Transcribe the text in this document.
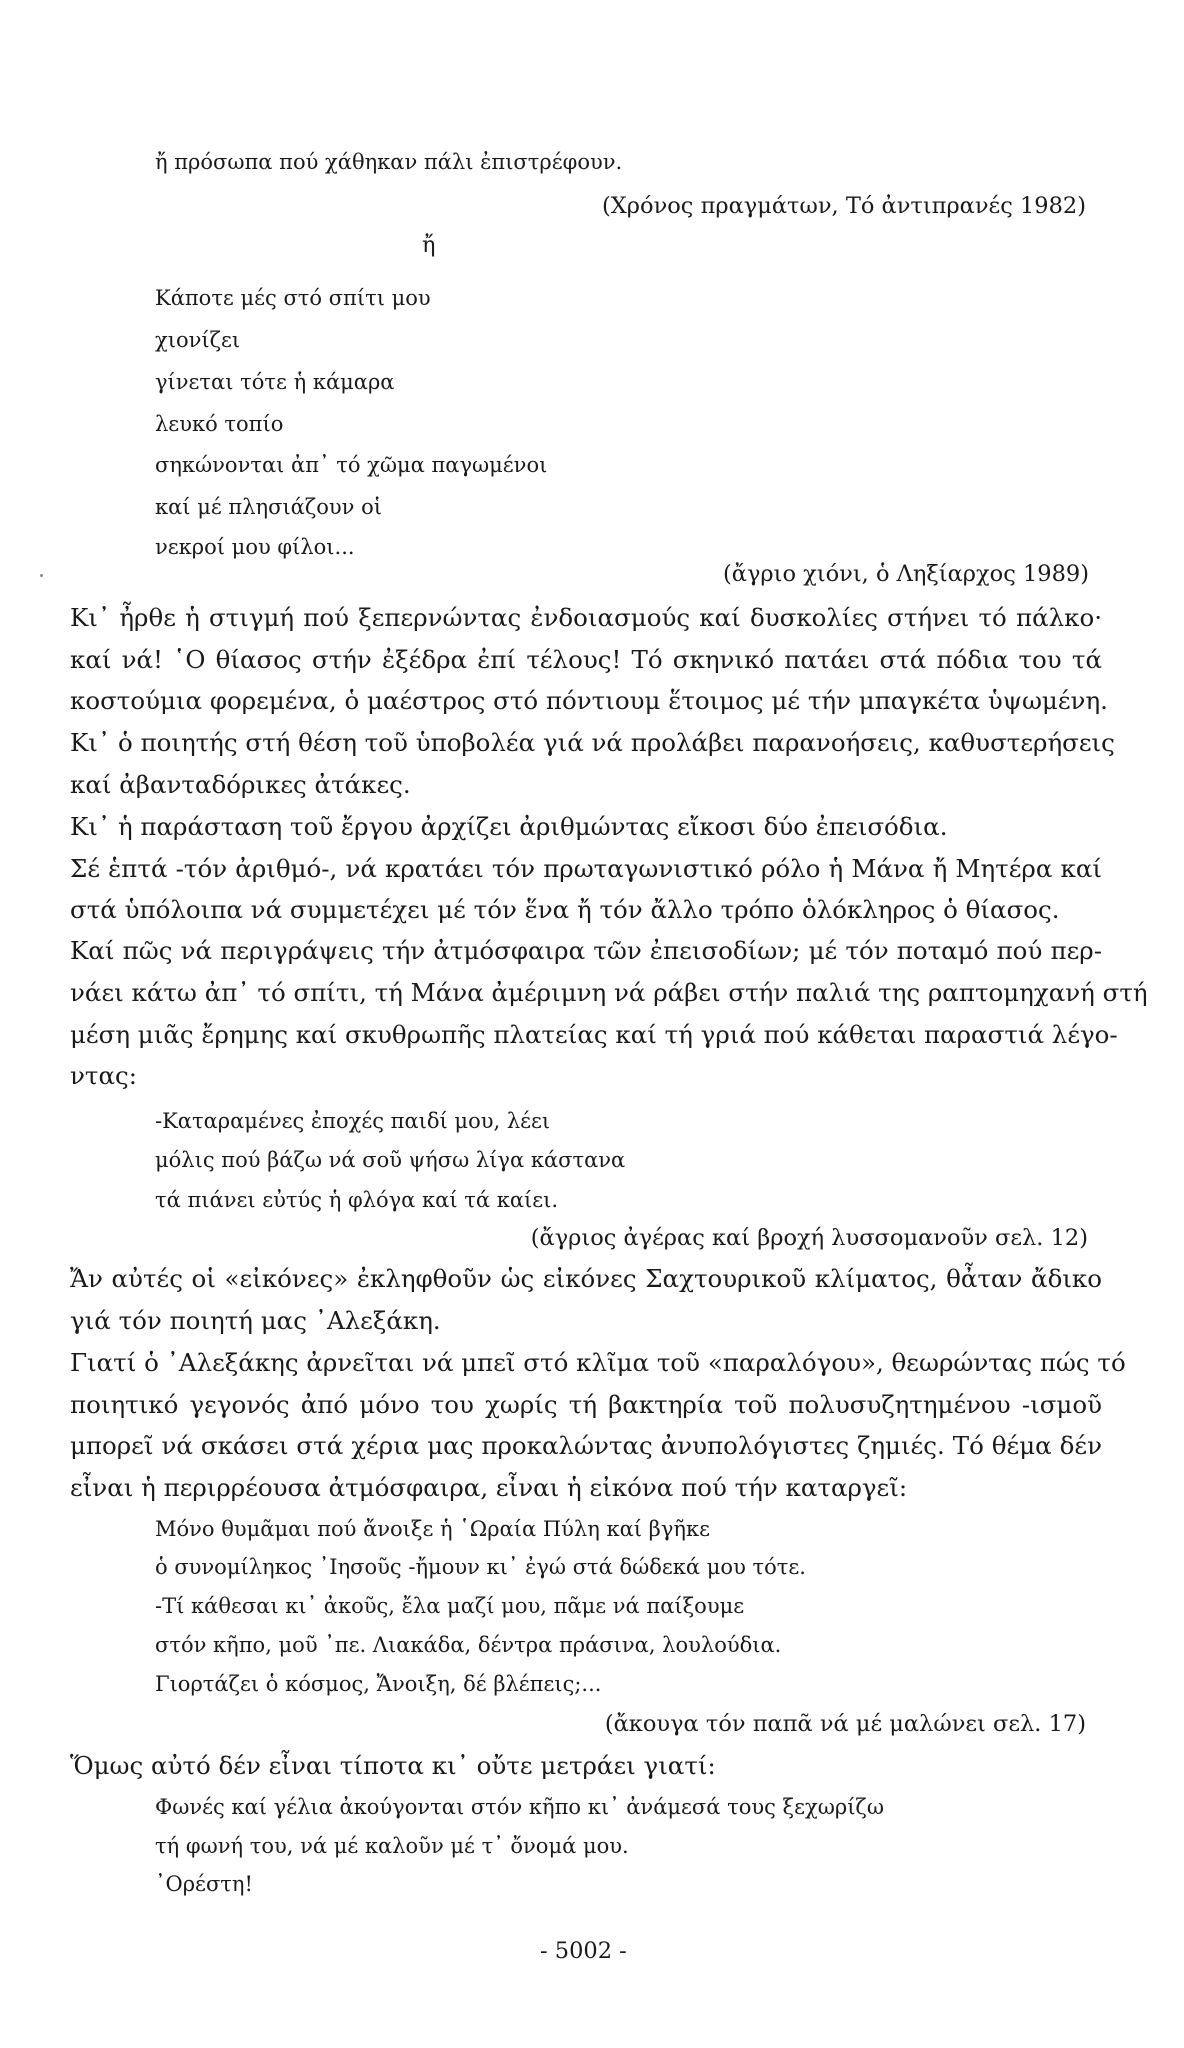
ἤ πρόσωπα πού χάθηκαν πάλι ἐπιστρέφουν.
(Χρόνος πραγμάτων, Τό ἀντιπρανές 1982)
ἤ
Κάποτε μές στό σπίτι μου
χιονίζει
γίνεται τότε ἡ κάμαρα
λευκό τοπίο
σηκώνονται ἀπ᾽ τό χῶμα παγωμένοι
καί μέ πλησιάζουν οἱ
νεκροί μου φίλοι...
(ἄγριο χιόνι, ὁ Ληξίαρχος 1989)
Κι᾽ ἦρθε ἡ στιγμή πού ξεπερνώντας ἐνδοιασμούς καί δυσκολίες στήνει τό πάλκο·
καί νά! ῾Ο θίασος στήν ἐξέδρα ἐπί τέλους! Τό σκηνικό πατάει στά πόδια του τά
κοστούμια φορεμένα, ὁ μαέστρος στό πόντιουμ ἕτοιμος μέ τήν μπαγκέτα ὑψωμένη.
Κι᾽ ὁ ποιητής στή θέση τοῦ ὑποβολέα γιά νά προλάβει παρανοήσεις, καθυστερήσεις
καί ἀβανταδόρικες ἀτάκες.
Κι᾽ ἡ παράσταση τοῦ ἔργου ἀρχίζει ἀριθμώντας εἴκοσι δύο ἐπεισόδια.
Σέ ἑπτά -τόν ἀριθμό-, νά κρατάει τόν πρωταγωνιστικό ρόλο ἡ Μάνα ἤ Μητέρα καί
στά ὑπόλοιπα νά συμμετέχει μέ τόν ἕνα ἤ τόν ἄλλο τρόπο ὁλόκληρος ὁ θίασος.
Καί πῶς νά περιγράψεις τήν ἀτμόσφαιρα τῶν ἐπεισοδίων; μέ τόν ποταμό πού περ-
νάει κάτω ἀπ᾽ τό σπίτι, τή Μάνα ἀμέριμνη νά ράβει στήν παλιά της ραπτομηχανή στή
μέση μιᾶς ἔρημης καί σκυθρωπῆς πλατείας καί τή γριά πού κάθεται παραστιά λέγο-
ντας:
-Καταραμένες ἐποχές παιδί μου, λέει
μόλις πού βάζω νά σοῦ ψήσω λίγα κάστανα
τά πιάνει εὐτύς ἡ φλόγα καί τά καίει.
(ἄγριος ἀγέρας καί βροχή λυσσομανοῦν σελ. 12)
Ἄν αὐτές οἱ «εἰκόνες» ἐκληφθοῦν ὡς εἰκόνες Σαχτουρικοῦ κλίματος, θἆταν ἄδικο
γιά τόν ποιητή μας ᾽Αλεξάκη.
Γιατί ὁ ᾽Αλεξάκης ἀρνεῖται νά μπεῖ στό κλῖμα τοῦ «παραλόγου», θεωρώντας πώς τό
ποιητικό γεγονός ἀπό μόνο του χωρίς τή βακτηρία τοῦ πολυσυζητημένου -ισμοῦ
μπορεῖ νά σκάσει στά χέρια μας προκαλώντας ἀνυπολόγιστες ζημιές. Τό θέμα δέν
εἶναι ἡ περιρρέουσα ἀτμόσφαιρα, εἶναι ἡ εἰκόνα πού τήν καταργεῖ:
Μόνο θυμᾶμαι πού ἄνοιξε ἡ ῾Ωραία Πύλη καί βγῆκε
ὁ συνομίληκος ᾽Ιησοῦς -ἤμουν κι᾽ ἐγώ στά δώδεκά μου τότε.
-Τί κάθεσαι κι᾽ ἀκοῦς, ἔλα μαζί μου, πᾶμε νά παίξουμε
στόν κῆπο, μοῦ ᾽πε. Λιακάδα, δέντρα πράσινα, λουλούδια.
Γιορτάζει ὁ κόσμος, Ἄνοιξη, δέ βλέπεις;...
(ἄκουγα τόν παπᾶ νά μέ μαλώνει σελ. 17)
Ὅμως αὐτό δέν εἶναι τίποτα κι᾽ οὔτε μετράει γιατί:
Φωνές καί γέλια ἀκούγονται στόν κῆπο κι᾽ ἀνάμεσά τους ξεχωρίζω
τή φωνή του, νά μέ καλοῦν μέ τ᾽ ὄνομά μου.
᾽Ορέστη!
- 5002 -
